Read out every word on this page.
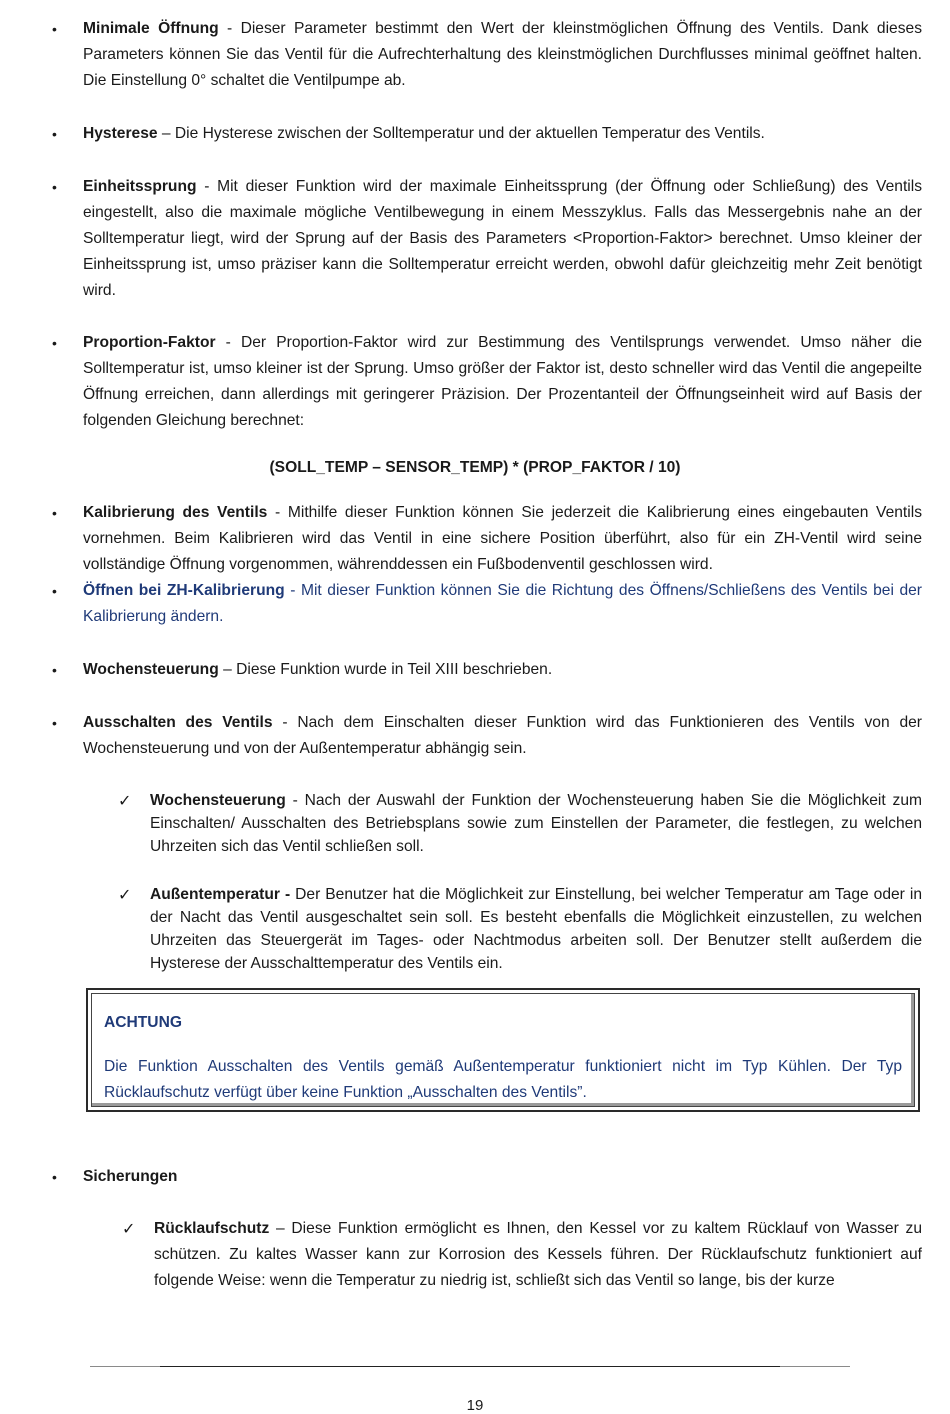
• Minimale Öffnung - Dieser Parameter bestimmt den Wert der kleinstmöglichen Öffnung des Ventils. Dank dieses Parameters können Sie das Ventil für die Aufrechterhaltung des kleinstmöglichen Durchflusses minimal geöffnet halten. Die Einstellung 0° schaltet die Ventilpumpe ab.
• Hysterese – Die Hysterese zwischen der Solltemperatur und der aktuellen Temperatur des Ventils.
• Einheitssprung - Mit dieser Funktion wird der maximale Einheitssprung (der Öffnung oder Schließung) des Ventils eingestellt, also die maximale mögliche Ventilbewegung in einem Messzyklus. Falls das Messergebnis nahe an der Solltemperatur liegt, wird der Sprung auf der Basis des Parameters <Proportion-Faktor> berechnet. Umso kleiner der Einheitssprung ist, umso präziser kann die Solltemperatur erreicht werden, obwohl dafür gleichzeitig mehr Zeit benötigt wird.
• Proportion-Faktor - Der Proportion-Faktor wird zur Bestimmung des Ventilsprungs verwendet. Umso näher die Solltemperatur ist, umso kleiner ist der Sprung. Umso größer der Faktor ist, desto schneller wird das Ventil die angepeilte Öffnung erreichen, dann allerdings mit geringerer Präzision. Der Prozentanteil der Öffnungseinheit wird auf Basis der folgenden Gleichung berechnet:
(SOLL_TEMP – SENSOR_TEMP) * (PROP_FAKTOR / 10)
• Kalibrierung des Ventils - Mithilfe dieser Funktion können Sie jederzeit die Kalibrierung eines eingebauten Ventils vornehmen. Beim Kalibrieren wird das Ventil in eine sichere Position überführt, also für ein ZH-Ventil wird seine vollständige Öffnung vorgenommen, währenddessen ein Fußbodenventil geschlossen wird.
• Öffnen bei ZH-Kalibrierung - Mit dieser Funktion können Sie die Richtung des Öffnens/Schließens des Ventils bei der Kalibrierung ändern.
• Wochensteuerung – Diese Funktion wurde in Teil XIII beschrieben.
• Ausschalten des Ventils - Nach dem Einschalten dieser Funktion wird das Funktionieren des Ventils von der Wochensteuerung und von der Außentemperatur abhängig sein.
✓ Wochensteuerung - Nach der Auswahl der Funktion der Wochensteuerung haben Sie die Möglichkeit zum Einschalten/ Ausschalten des Betriebsplans sowie zum Einstellen der Parameter, die festlegen, zu welchen Uhrzeiten sich das Ventil schließen soll.
✓ Außentemperatur - Der Benutzer hat die Möglichkeit zur Einstellung, bei welcher Temperatur am Tage oder in der Nacht das Ventil ausgeschaltet sein soll. Es besteht ebenfalls die Möglichkeit einzustellen, zu welchen Uhrzeiten das Steuergerät im Tages- oder Nachtmodus arbeiten soll. Der Benutzer stellt außerdem die Hysterese der Ausschalttemperatur des Ventils ein.
ACHTUNG
Die Funktion Ausschalten des Ventils gemäß Außentemperatur funktioniert nicht im Typ Kühlen. Der Typ Rücklaufschutz verfügt über keine Funktion „Ausschalten des Ventils”.
• Sicherungen
✓ Rücklaufschutz – Diese Funktion ermöglicht es Ihnen, den Kessel vor zu kaltem Rücklauf von Wasser zu schützen. Zu kaltes Wasser kann zur Korrosion des Kessels führen. Der Rücklaufschutz funktioniert auf folgende Weise: wenn die Temperatur zu niedrig ist, schließt sich das Ventil so lange, bis der kurze
19
